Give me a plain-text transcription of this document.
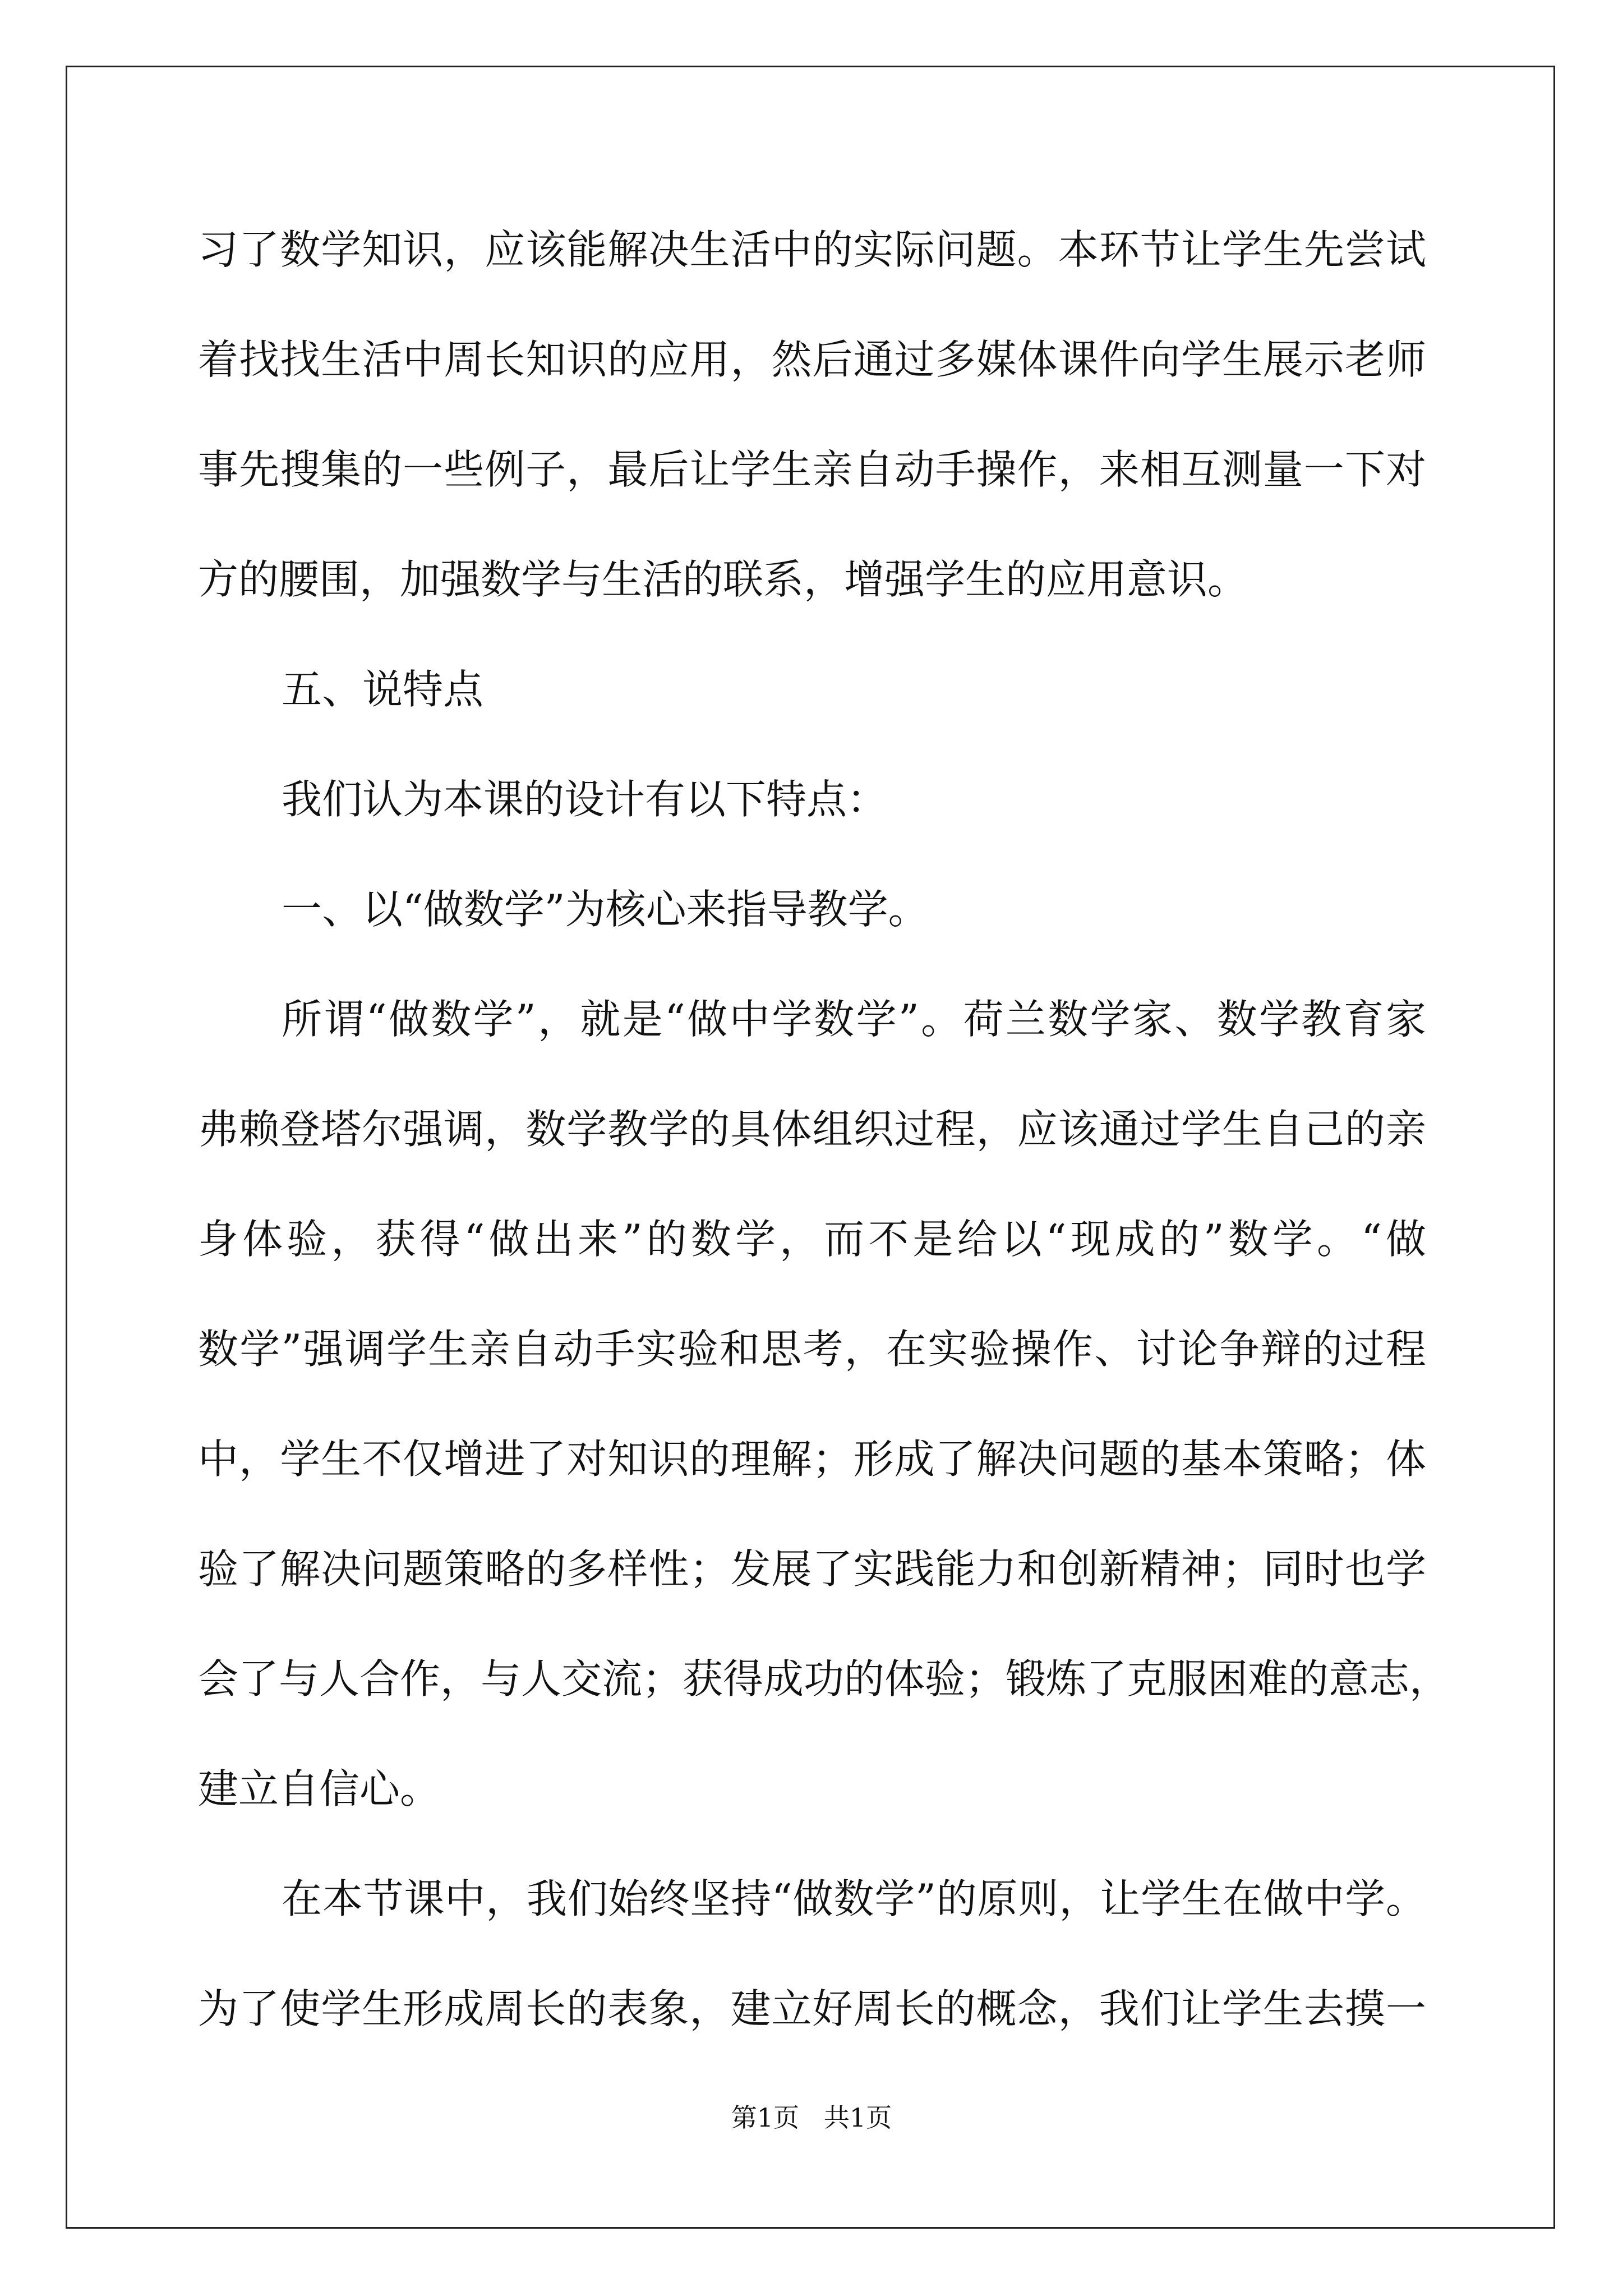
习了数学知识，应该能解决生活中的实际问题。本环节让学生先尝试
着找找生活中周长知识的应用，然后通过多媒体课件向学生展示老师
事先搜集的一些例子，最后让学生亲自动手操作，来相互测量一下对
方的腰围，加强数学与生活的联系，增强学生的应用意识。
五、说特点
我们认为本课的设计有以下特点：
一、以“做数学”为核心来指导教学。
所谓“做数学”，就是“做中学数学”。荷兰数学家、数学教育家
弗赖登塔尔强调，数学教学的具体组织过程，应该通过学生自己的亲
身体验，获得“做出来”的数学，而不是给以“现成的”数学。“做
数学”强调学生亲自动手实验和思考，在实验操作、讨论争辩的过程
中，学生不仅增进了对知识的理解；形成了解决问题的基本策略；体
验了解决问题策略的多样性；发展了实践能力和创新精神；同时也学
会了与人合作，与人交流；获得成功的体验；锻炼了克服困难的意志，
建立自信心。
在本节课中，我们始终坚持“做数学”的原则，让学生在做中学。
为了使学生形成周长的表象，建立好周长的概念，我们让学生去摸一
第1页   共1页
